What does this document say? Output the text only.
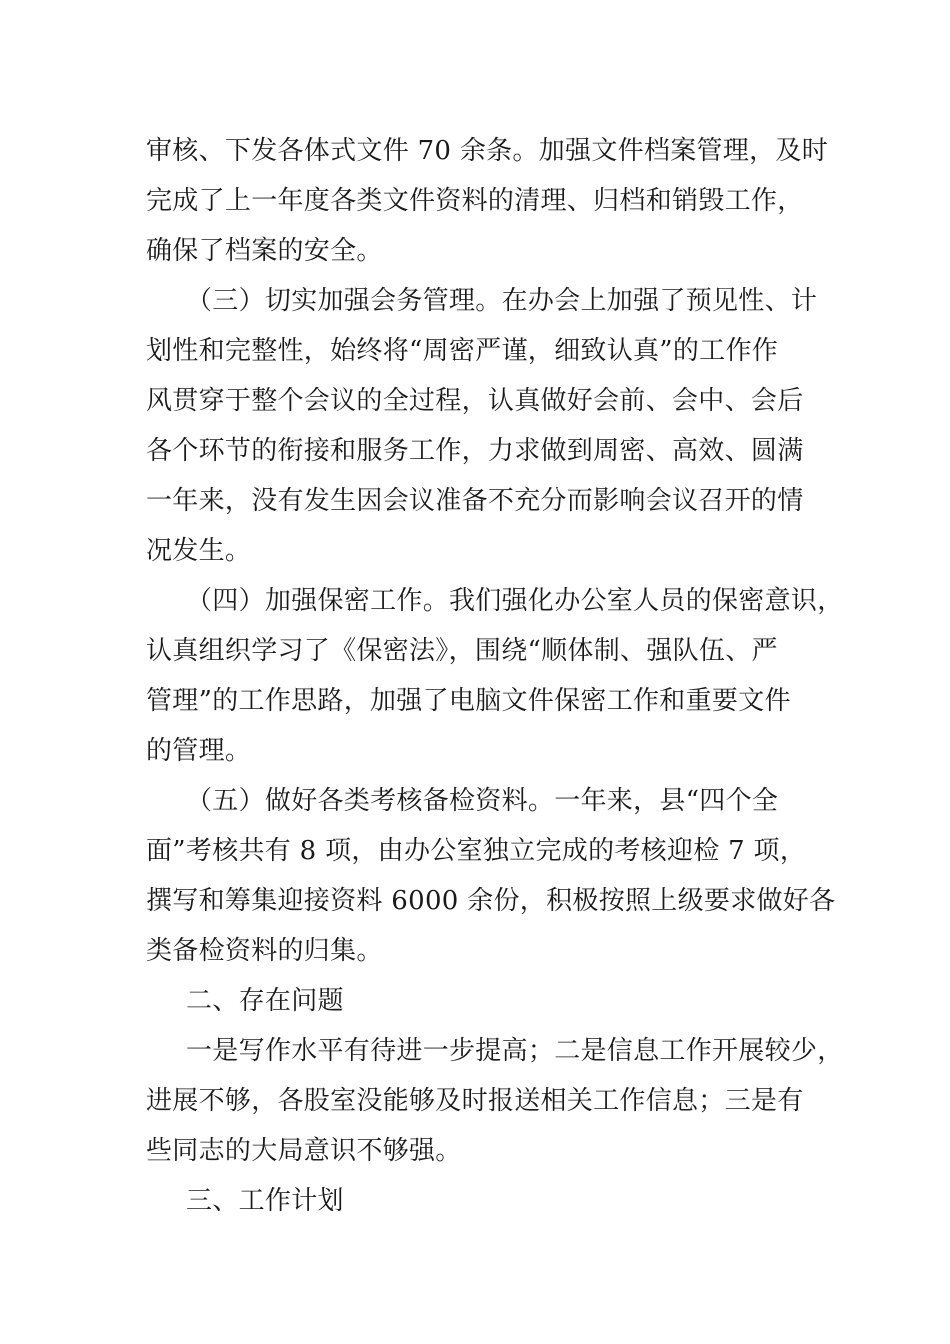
审核、下发各体式文件 70 余条。加强文件档案管理，及时
完成了上一年度各类文件资料的清理、归档和销毁工作，
确保了档案的安全。
（三）切实加强会务管理。在办会上加强了预见性、计
划性和完整性，始终将“周密严谨，细致认真”的工作作
风贯穿于整个会议的全过程，认真做好会前、会中、会后
各个环节的衔接和服务工作，力求做到周密、高效、圆满
一年来，没有发生因会议准备不充分而影响会议召开的情
况发生。
（四）加强保密工作。我们强化办公室人员的保密意识，
认真组织学习了《保密法》，围绕“顺体制、强队伍、严
管理”的工作思路，加强了电脑文件保密工作和重要文件
的管理。
（五）做好各类考核备检资料。一年来，县“四个全
面”考核共有 8 项，由办公室独立完成的考核迎检 7 项，
撰写和筹集迎接资料 6000 余份，积极按照上级要求做好各
类备检资料的归集。
二、存在问题
一是写作水平有待进一步提高；二是信息工作开展较少，
进展不够，各股室没能够及时报送相关工作信息；三是有
些同志的大局意识不够强。
三、工作计划
